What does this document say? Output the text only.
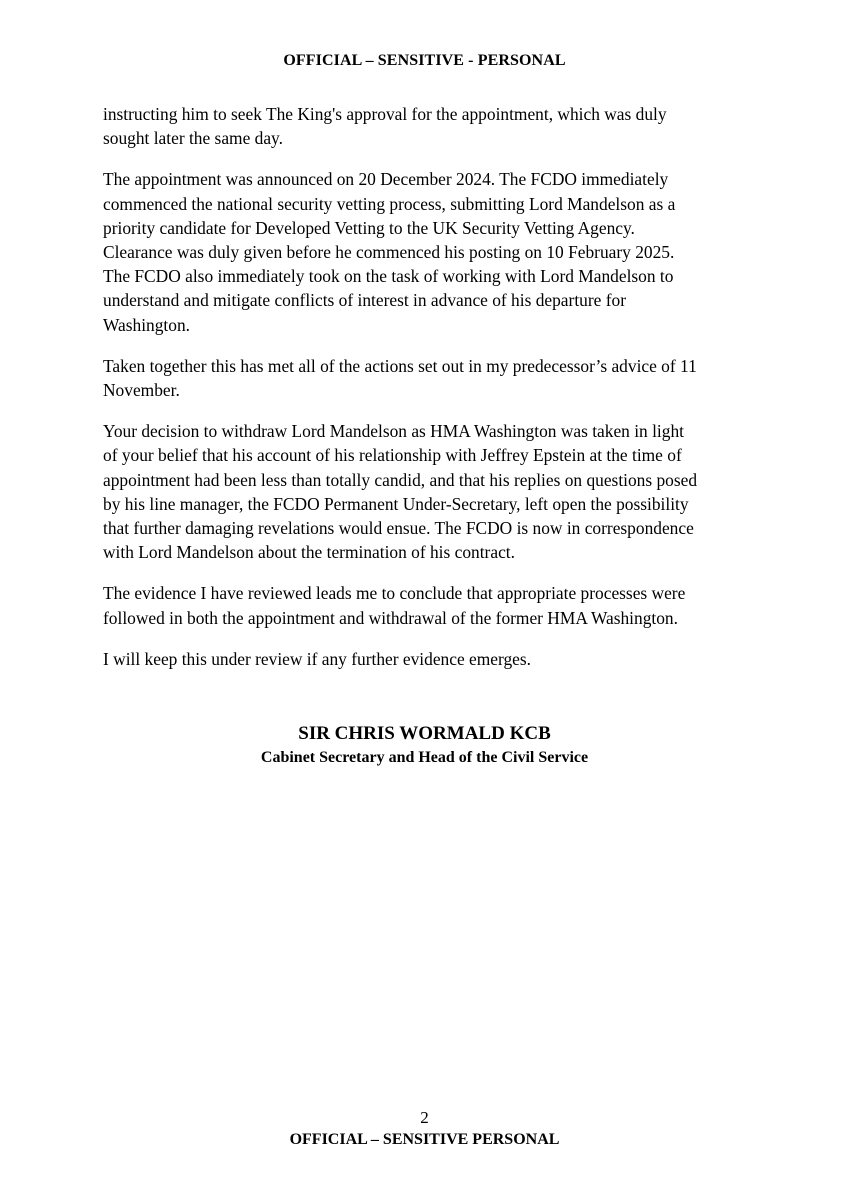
OFFICIAL – SENSITIVE - PERSONAL

instructing him to seek The King's approval for the appointment, which was duly
sought later the same day.

The appointment was announced on 20 December 2024. The FCDO immediately
commenced the national security vetting process, submitting Lord Mandelson as a
priority candidate for Developed Vetting to the UK Security Vetting Agency.
Clearance was duly given before he commenced his posting on 10 February 2025.
The FCDO also immediately took on the task of working with Lord Mandelson to
understand and mitigate conflicts of interest in advance of his departure for
Washington.

Taken together this has met all of the actions set out in my predecessor’s advice of 11
November.

Your decision to withdraw Lord Mandelson as HMA Washington was taken in light
of your belief that his account of his relationship with Jeffrey Epstein at the time of
appointment had been less than totally candid, and that his replies on questions posed
by his line manager, the FCDO Permanent Under-Secretary, left open the possibility
that further damaging revelations would ensue. The FCDO is now in correspondence
with Lord Mandelson about the termination of his contract.

The evidence I have reviewed leads me to conclude that appropriate processes were
followed in both the appointment and withdrawal of the former HMA Washington.

I will keep this under review if any further evidence emerges.

SIR CHRIS WORMALD KCB
Cabinet Secretary and Head of the Civil Service
2
OFFICIAL – SENSITIVE PERSONAL
